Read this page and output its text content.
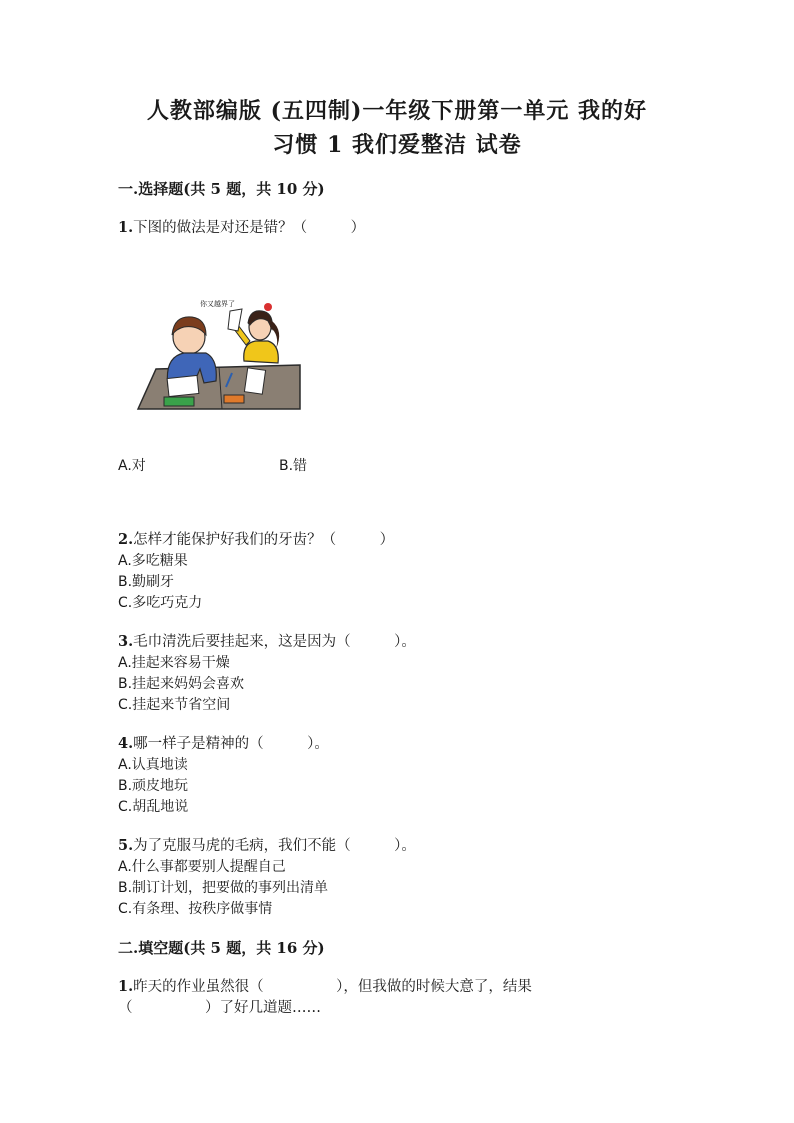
人教部编版 (五四制)一年级下册第一单元 我的好
习惯 1 我们爱整洁 试卷
一.选择题(共 5 题，共 10 分)
1.下图的做法是对还是错？（　　　）
你又越界了
A.对	B.错
2.怎样才能保护好我们的牙齿？（　　　）
A.多吃糖果
B.勤刷牙
C.多吃巧克力
3.毛巾清洗后要挂起来，这是因为（　　　）。
A.挂起来容易干燥
B.挂起来妈妈会喜欢
C.挂起来节省空间
4.哪一样子是精神的（　　　）。
A.认真地读
B.顽皮地玩
C.胡乱地说
5.为了克服马虎的毛病，我们不能（　　　）。
A.什么事都要别人提醒自己
B.制订计划，把要做的事列出清单
C.有条理、按秩序做事情
二.填空题(共 5 题，共 16 分)
1.昨天的作业虽然很（　　　　　），但我做的时候大意了，结果
（　　　　　）了好几道题……
